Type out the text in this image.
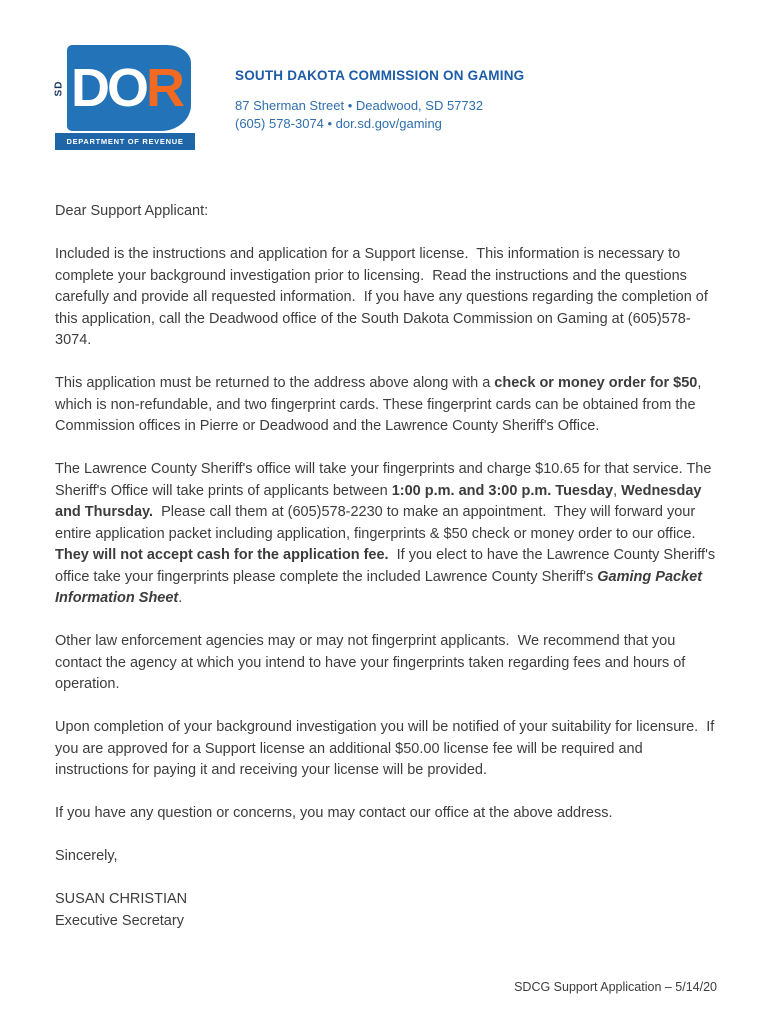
SD DOR
DEPARTMENT OF REVENUE
SOUTH DAKOTA COMMISSION ON GAMING
87 Sherman Street • Deadwood, SD 57732
(605) 578-3074 • dor.sd.gov/gaming

Dear Support Applicant:

Included is the instructions and application for a Support license.  This information is necessary to complete your background investigation prior to licensing.  Read the instructions and the questions carefully and provide all requested information.  If you have any questions regarding the completion of this application, call the Deadwood office of the South Dakota Commission on Gaming at (605)578-3074.

This application must be returned to the address above along with a check or money order for $50, which is non-refundable, and two fingerprint cards. These fingerprint cards can be obtained from the Commission offices in Pierre or Deadwood and the Lawrence County Sheriff's Office.

The Lawrence County Sheriff's office will take your fingerprints and charge $10.65 for that service. The Sheriff's Office will take prints of applicants between 1:00 p.m. and 3:00 p.m. Tuesday, Wednesday and Thursday.  Please call them at (605)578-2230 to make an appointment.  They will forward your entire application packet including application, fingerprints & $50 check or money order to our office.  They will not accept cash for the application fee.  If you elect to have the Lawrence County Sheriff's office take your fingerprints please complete the included Lawrence County Sheriff's Gaming Packet Information Sheet.

Other law enforcement agencies may or may not fingerprint applicants.  We recommend that you contact the agency at which you intend to have your fingerprints taken regarding fees and hours of operation.

Upon completion of your background investigation you will be notified of your suitability for licensure.  If you are approved for a Support license an additional $50.00 license fee will be required and instructions for paying it and receiving your license will be provided.

If you have any question or concerns, you may contact our office at the above address.

Sincerely,

SUSAN CHRISTIAN
Executive Secretary
SDCG Support Application – 5/14/20
